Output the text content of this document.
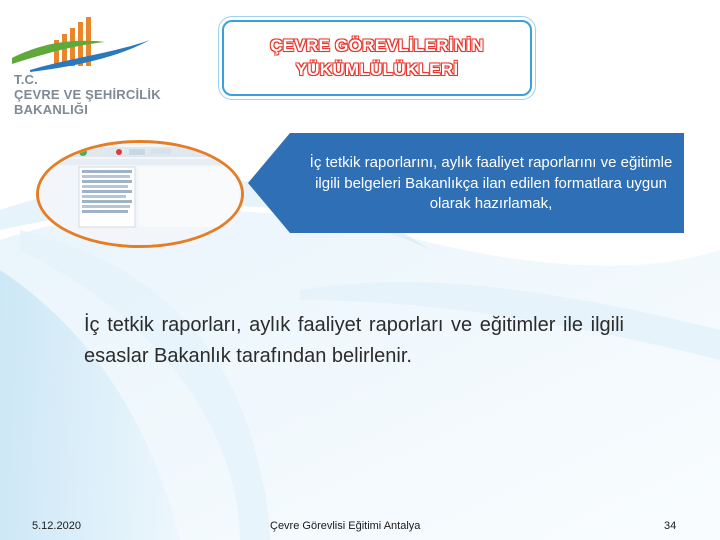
T.C.
ÇEVRE VE ŞEHİRCİLİK
BAKANLIĞI
ÇEVRE GÖREVLİLERİNİN
YÜKÜMLÜLÜKLERİ
İç tetkik raporlarını, aylık faaliyet raporlarını ve eğitimle ilgili belgeleri Bakanlıkça ilan edilen formatlara uygun olarak hazırlamak,
İç tetkik raporları, aylık faaliyet raporları ve eğitimler ile ilgili esaslar Bakanlık tarafından belirlenir.
5.12.2020	Çevre Görevlisi Eğitimi Antalya	34
